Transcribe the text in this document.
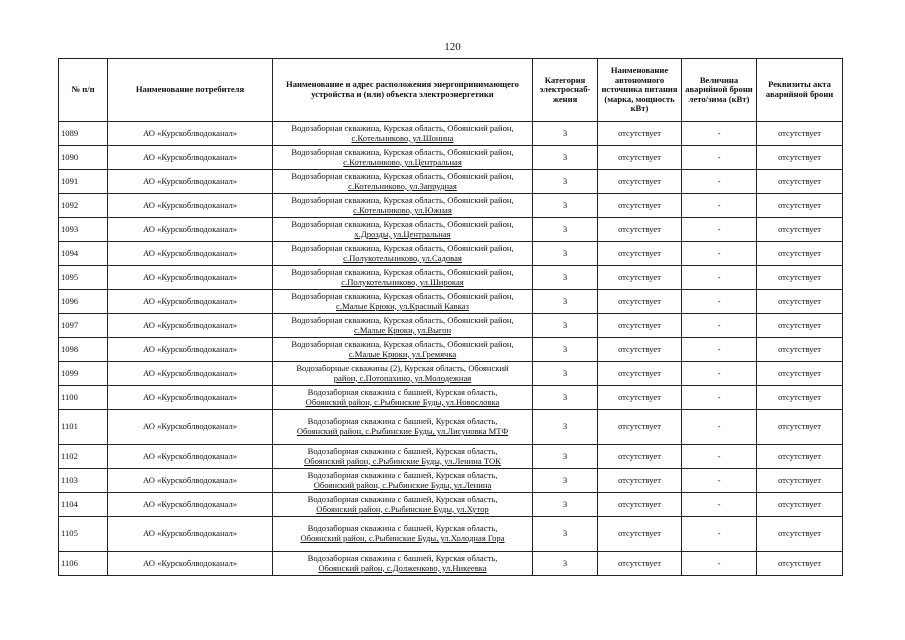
120
№ п/п	Наименование потребителя	Наименование и адрес расположения энергопринимающего устройства и (или) объекта электроэнергетики	Категория электроснаб-жения	Наименование автономного источника питания (марка, мощность кВт)	Величина аварийной брони лето/зима (кВт)	Реквизиты акта аварийной брони
1089	АО «Курскоблводоканал»	Водозаборная скважина, Курская область, Обоянский район,
с.Котельниково, ул.Шонина	3	отсутствует	-	отсутствует
1090	АО «Курскоблводоканал»	Водозаборная скважина, Курская область, Обоянский район,
с.Котельниково, ул.Центральная	3	отсутствует	-	отсутствует
1091	АО «Курскоблводоканал»	Водозаборная скважина, Курская область, Обоянский район,
с.Котельниково, ул.Запрудная	3	отсутствует	-	отсутствует
1092	АО «Курскоблводоканал»	Водозаборная скважина, Курская область, Обоянский район,
с.Котельниково, ул.Южная	3	отсутствует	-	отсутствует
1093	АО «Курскоблводоканал»	Водозаборная скважина, Курская область, Обоянский район,
х.Дрозды, ул.Центральная	3	отсутствует	-	отсутствует
1094	АО «Курскоблводоканал»	Водозаборная скважина, Курская область, Обоянский район,
с.Полукотельниково, ул.Садовая	3	отсутствует	-	отсутствует
1095	АО «Курскоблводоканал»	Водозаборная скважина, Курская область, Обоянский район,
с.Полукотельниково, ул.Широкая	3	отсутствует	-	отсутствует
1096	АО «Курскоблводоканал»	Водозаборная скважина, Курская область, Обоянский район,
с.Малые Крюки, ул.Красный Кавказ	3	отсутствует	-	отсутствует
1097	АО «Курскоблводоканал»	Водозаборная скважина, Курская область, Обоянский район,
с.Малые Крюки, ул.Выгон	3	отсутствует	-	отсутствует
1098	АО «Курскоблводоканал»	Водозаборная скважина, Курская область, Обоянский район,
с.Малые Крюки, ул.Гремячка	3	отсутствует	-	отсутствует
1099	АО «Курскоблводоканал»	Водозаборные скважины (2), Курская область, Обоянский
район, с.Потопахино, ул.Молодежная	3	отсутствует	-	отсутствует
1100	АО «Курскоблводоканал»	Водозаборная скважина с башней, Курская область,
Обоянский район, с.Рыбинские Буды, ул.Новословка	3	отсутствует	-	отсутствует
1101	АО «Курскоблводоканал»	Водозаборная скважина с башней, Курская область,
Обоянский район, с.Рыбинские Буды, ул.Лисуновка МТФ	3	отсутствует	-	отсутствует
1102	АО «Курскоблводоканал»	Водозаборная скважина с башней, Курская область,
Обоянский район, с.Рыбинские Буды, ул.Ленина ТОК	3	отсутствует	-	отсутствует
1103	АО «Курскоблводоканал»	Водозаборная скважина с башней, Курская область,
Обоянский район, с.Рыбинские Буды, ул.Ленина	3	отсутствует	-	отсутствует
1104	АО «Курскоблводоканал»	Водозаборная скважина с башней, Курская область,
Обоянский район, с.Рыбинские Буды, ул.Хутор	3	отсутствует	-	отсутствует
1105	АО «Курскоблводоканал»	Водозаборная скважина с башней, Курская область,
Обоянский район, с.Рыбинские Буды, ул.Холодная Гора	3	отсутствует	-	отсутствует
1106	АО «Курскоблводоканал»	Водозаборная скважина с башней, Курская область,
Обоянский район, с.Долженково, ул.Никеевка	3	отсутствует	-	отсутствует
